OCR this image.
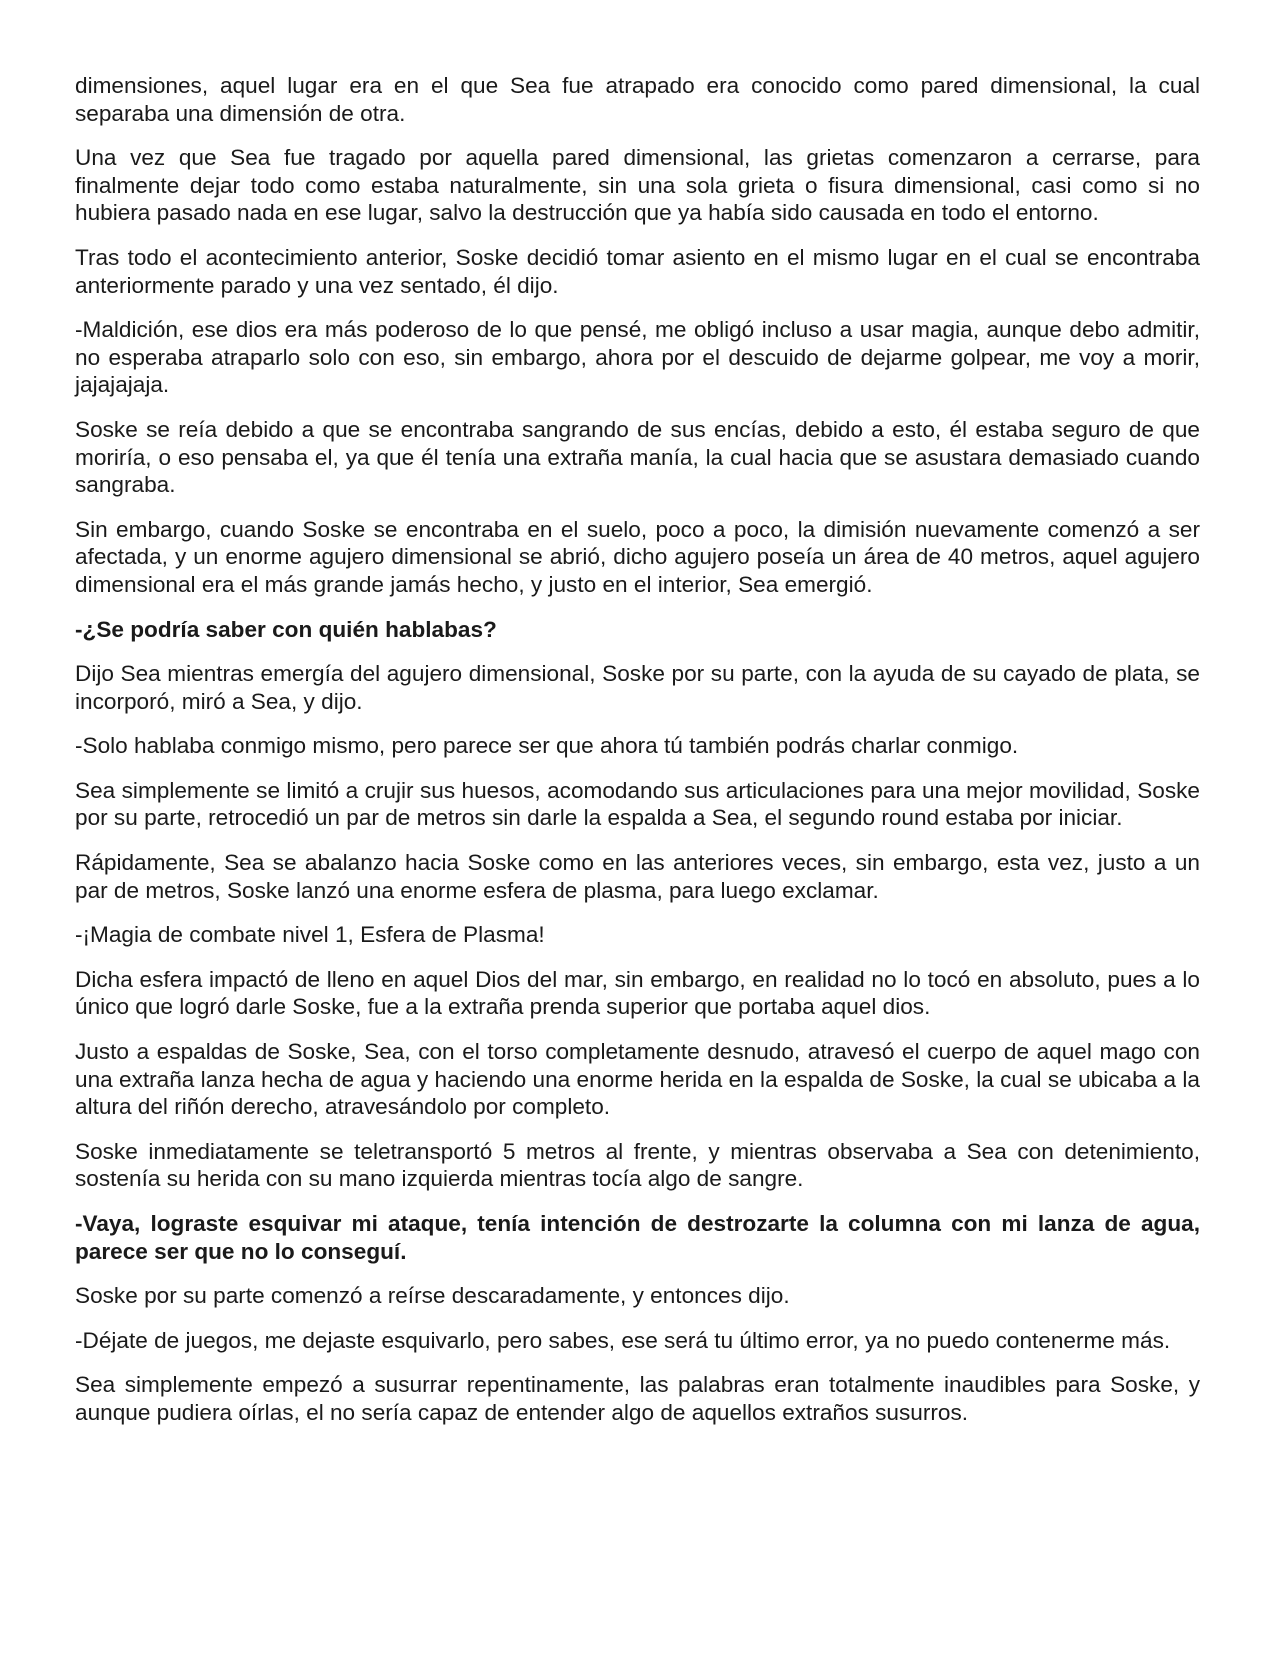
dimensiones, aquel lugar era en el que Sea fue atrapado era conocido como pared dimensional, la cual separaba una dimensión de otra.

Una vez que Sea fue tragado por aquella pared dimensional, las grietas comenzaron a cerrarse, para finalmente dejar todo como estaba naturalmente, sin una sola grieta o fisura dimensional, casi como si no hubiera pasado nada en ese lugar, salvo la destrucción que ya había sido causada en todo el entorno.

Tras todo el acontecimiento anterior, Soske decidió tomar asiento en el mismo lugar en el cual se encontraba anteriormente parado y una vez sentado, él dijo.

-Maldición, ese dios era más poderoso de lo que pensé, me obligó incluso a usar magia, aunque debo admitir, no esperaba atraparlo solo con eso, sin embargo, ahora por el descuido de dejarme golpear, me voy a morir, jajajajaja.

Soske se reía debido a que se encontraba sangrando de sus encías, debido a esto, él estaba seguro de que moriría, o eso pensaba el, ya que él tenía una extraña manía, la cual hacia que se asustara demasiado cuando sangraba.

Sin embargo, cuando Soske se encontraba en el suelo, poco a poco, la dimisión nuevamente comenzó a ser afectada, y un enorme agujero dimensional se abrió, dicho agujero poseía un área de 40 metros, aquel agujero dimensional era el más grande jamás hecho, y justo en el interior, Sea emergió.

-¿Se podría saber con quién hablabas?

Dijo Sea mientras emergía del agujero dimensional, Soske por su parte, con la ayuda de su cayado de plata, se incorporó, miró a Sea, y dijo.

-Solo hablaba conmigo mismo, pero parece ser que ahora tú también podrás charlar conmigo.

Sea simplemente se limitó a crujir sus huesos, acomodando sus articulaciones para una mejor movilidad, Soske por su parte, retrocedió un par de metros sin darle la espalda a Sea, el segundo round estaba por iniciar.

Rápidamente, Sea se abalanzo hacia Soske como en las anteriores veces, sin embargo, esta vez, justo a un par de metros, Soske lanzó una enorme esfera de plasma, para luego exclamar.

-¡Magia de combate nivel 1, Esfera de Plasma!

Dicha esfera impactó de lleno en aquel Dios del mar, sin embargo, en realidad no lo tocó en absoluto, pues a lo único que logró darle Soske, fue a la extraña prenda superior que portaba aquel dios.

Justo a espaldas de Soske, Sea, con el torso completamente desnudo, atravesó el cuerpo de aquel mago con una extraña lanza hecha de agua y haciendo una enorme herida en la espalda de Soske, la cual se ubicaba a la altura del riñón derecho, atravesándolo por completo.

Soske inmediatamente se teletransportó 5 metros al frente, y mientras observaba a Sea con detenimiento, sostenía su herida con su mano izquierda mientras tocía algo de sangre.

-Vaya, lograste esquivar mi ataque, tenía intención de destrozarte la columna con mi lanza de agua, parece ser que no lo conseguí.

Soske por su parte comenzó a reírse descaradamente, y entonces dijo.

-Déjate de juegos, me dejaste esquivarlo, pero sabes, ese será tu último error, ya no puedo contenerme más.

Sea simplemente empezó a susurrar repentinamente, las palabras eran totalmente inaudibles para Soske, y aunque pudiera oírlas, el no sería capaz de entender algo de aquellos extraños susurros.
